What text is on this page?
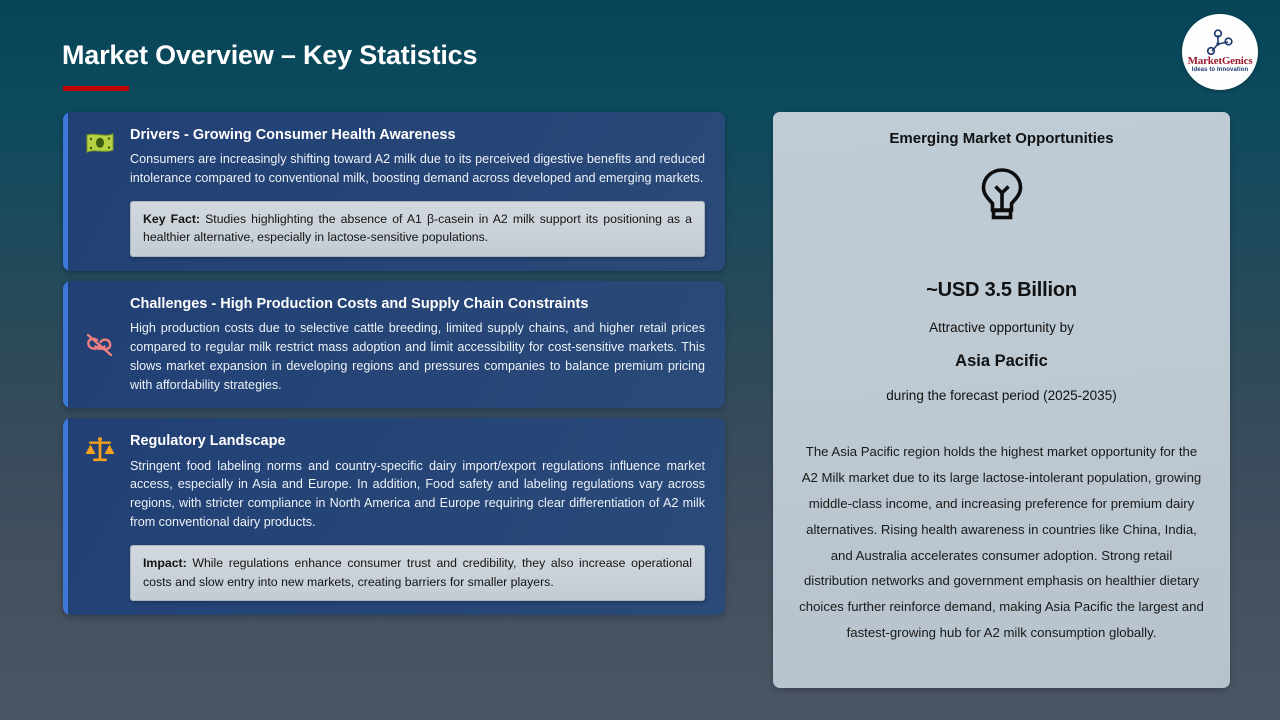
Market Overview – Key Statistics	MarketGenics
Ideas to Innovation
Drivers - Growing Consumer Health Awareness
Consumers are increasingly shifting toward A2 milk due to its perceived digestive benefits and reduced intolerance compared to conventional milk, boosting demand across developed and emerging markets.
Key Fact: Studies highlighting the absence of A1 β-casein in A2 milk support its positioning as a healthier alternative, especially in lactose-sensitive populations.
Challenges - High Production Costs and Supply Chain Constraints
High production costs due to selective cattle breeding, limited supply chains, and higher retail prices compared to regular milk restrict mass adoption and limit accessibility for cost-sensitive markets. This slows market expansion in developing regions and pressures companies to balance premium pricing with affordability strategies.
Regulatory Landscape
Stringent food labeling norms and country-specific dairy import/export regulations influence market access, especially in Asia and Europe. In addition, Food safety and labeling regulations vary across regions, with stricter compliance in North America and Europe requiring clear differentiation of A2 milk from conventional dairy products.
Impact: While regulations enhance consumer trust and credibility, they also increase operational costs and slow entry into new markets, creating barriers for smaller players.
Emerging Market Opportunities
~USD 3.5 Billion
Attractive opportunity by
Asia Pacific
during the forecast period (2025-2035)
The Asia Pacific region holds the highest market opportunity for the A2 Milk market due to its large lactose-intolerant population, growing middle-class income, and increasing preference for premium dairy alternatives. Rising health awareness in countries like China, India, and Australia accelerates consumer adoption. Strong retail distribution networks and government emphasis on healthier dietary choices further reinforce demand, making Asia Pacific the largest and fastest-growing hub for A2 milk consumption globally.
